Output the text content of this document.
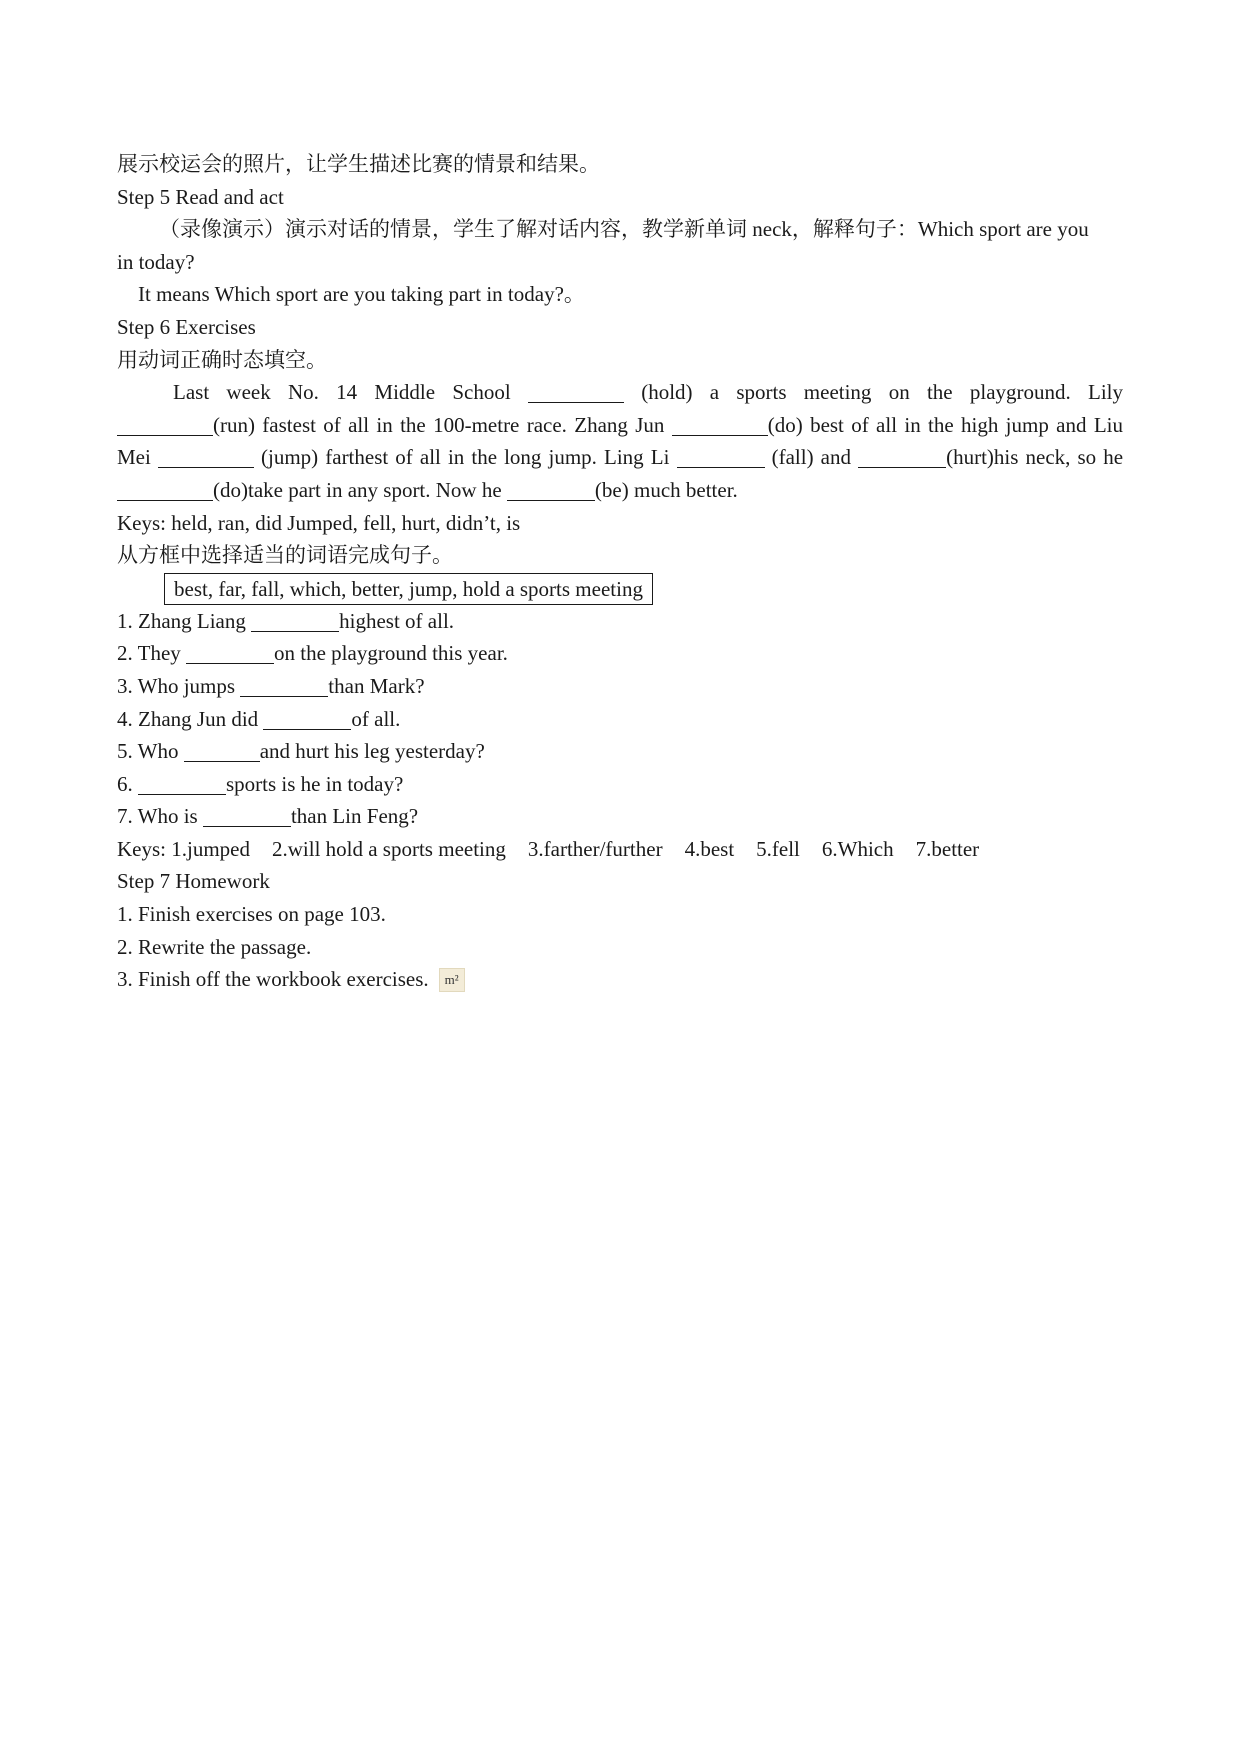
展示校运会的照片，让学生描述比赛的情景和结果。
Step 5 Read and act
（录像演示）演示对话的情景，学生了解对话内容，教学新单词 neck，解释句子：Which sport are you
in today?
It means Which sport are you taking part in today?。
Step 6 Exercises
用动词正确时态填空。
Last week No. 14 Middle School	(hold) a sports meeting on the playground. Lily
(run) fastest of all in the 100-metre race. Zhang Jun	(do) best of all in the high jump and Liu
Mei	(jump) farthest of all in the long jump. Ling Li	(fall) and	(hurt)his neck, so he
(do)take part in any sport. Now he	(be) much better.
Keys: held, ran, did Jumped, fell, hurt, didn’t, is
从方框中选择适当的词语完成句子。
best, far, fall, which, better, jump, hold a sports meeting
1. Zhang Liang	highest of all.
2. They	on the playground this year.
3. Who jumps	than Mark?
4. Zhang Jun did	of all.
5. Who	and hurt his leg yesterday?
6.	sports is he in today?
7. Who is	than Lin Feng?
Keys: 1.jumped 2.will hold a sports meeting 3.farther/further 4.best 5.fell 6.Which 7.better
Step 7 Homework
1. Finish exercises on page 103.
2. Rewrite the passage.
3. Finish off the workbook exercises. m²
